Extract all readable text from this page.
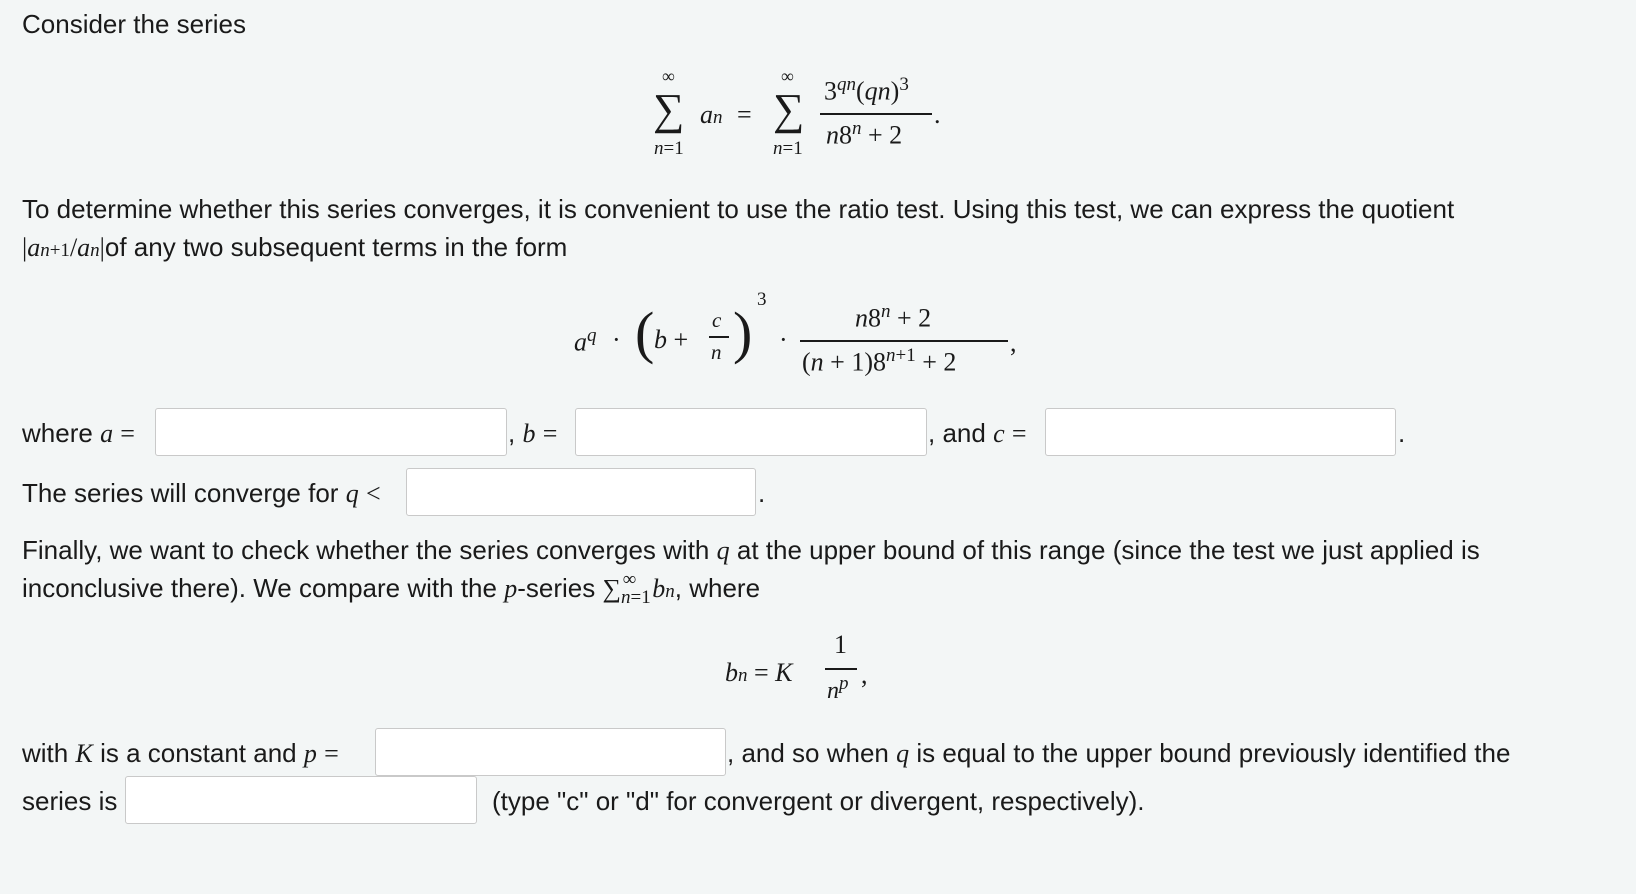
Consider the series
∞
∑
n=1
an =
∞
∑
n=1
$3^{qn}(qn)^3$
$n8^n + 2$
.
To determine whether this series converges, it is convenient to use the ratio test. Using this test, we can express the quotient
|an+1/an|of any two subsequent terms in the form
$a^q$ · ( b +
c
n )
3
·
$n8^n + 2$
$(n + 1)8^{n+1} + 2$
,
where a =	, b =	, and c =	.
The series will converge for q <	.
Finally, we want to check whether the series converges with q at the upper bound of this range (since the test we just applied is
inconclusive there). We compare with the p-series $\sum_{n=1}^\infty$ bn, where
bn = K
1
$n^p$ ,
with K is a constant and p =	, and so when q is equal to the upper bound previously identified the
series is	(type "c" or "d" for convergent or divergent, respectively).
